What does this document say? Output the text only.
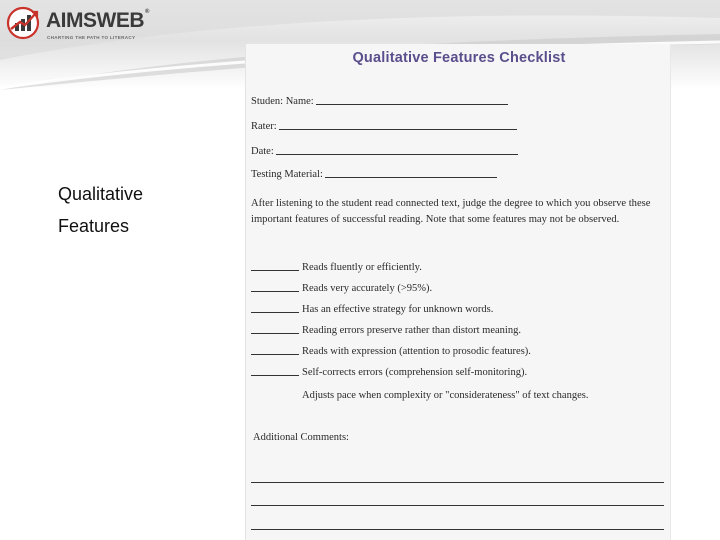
AIMSWEB®
CHARTING THE PATH TO LITERACY
Qualitative
Features
Qualitative Features Checklist
Studen: Name:
Rater:
Date:
Testing Material:
After listening to the student read connected text, judge the degree to which you observe these important features of successful reading. Note that some features may not be observed.
Reads fluently or efficiently.
Reads very accurately (>95%).
Has an effective strategy for unknown words.
Reading errors preserve rather than distort meaning.
Reads with expression (attention to prosodic features).
Self-corrects errors (comprehension self-monitoring).
Adjusts pace when complexity or "considerateness" of text changes.
Additional Comments:
